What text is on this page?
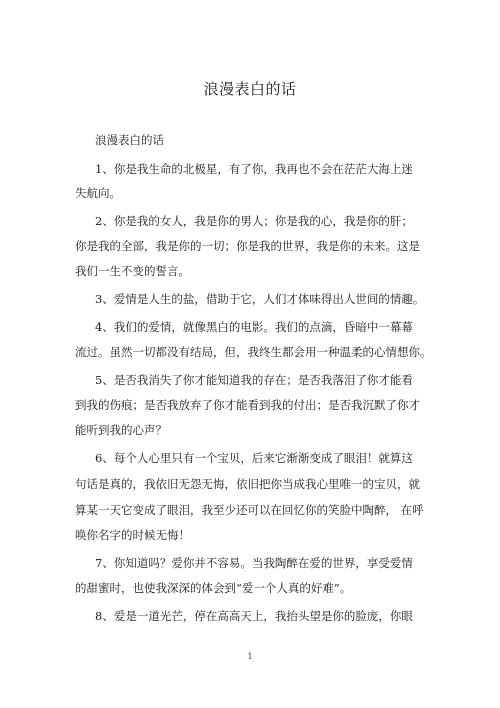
浪漫表白的话

浪漫表白的话

1、你是我生命的北极星，有了你，我再也不会在茫茫大海上迷

失航向。

2、你是我的女人，我是你的男人；你是我的心，我是你的肝；

你是我的全部，我是你的一切；你是我的世界，我是你的未来。这是

我们一生不变的誓言。

3、爱情是人生的盐，借助于它，人们才体味得出人世间的情趣。

4、我们的爱情，就像黑白的电影。我们的点滴，昏暗中一幕幕

流过。虽然一切都没有结局，但，我终生都会用一种温柔的心情想你。

5、是否我消失了你才能知道我的存在；是否我落泪了你才能看

到我的伤痕；是否我放弃了你才能看到我的付出；是否我沉默了你才

能听到我的心声？

6、每个人心里只有一个宝贝，后来它渐渐变成了眼泪！就算这

句话是真的，我依旧无怨无悔，依旧把你当成我心里唯一的宝贝，就

算某一天它变成了眼泪，我至少还可以在回忆你的笑脸中陶醉， 在呼

唤你名字的时候无悔！

7、你知道吗？爱你并不容易。当我陶醉在爱的世界，享受爱情

的甜蜜时，也使我深深的体会到“爱一个人真的好难”。

8、爱是一道光芒，停在高高天上，我抬头望是你的脸庞，你眼

1
